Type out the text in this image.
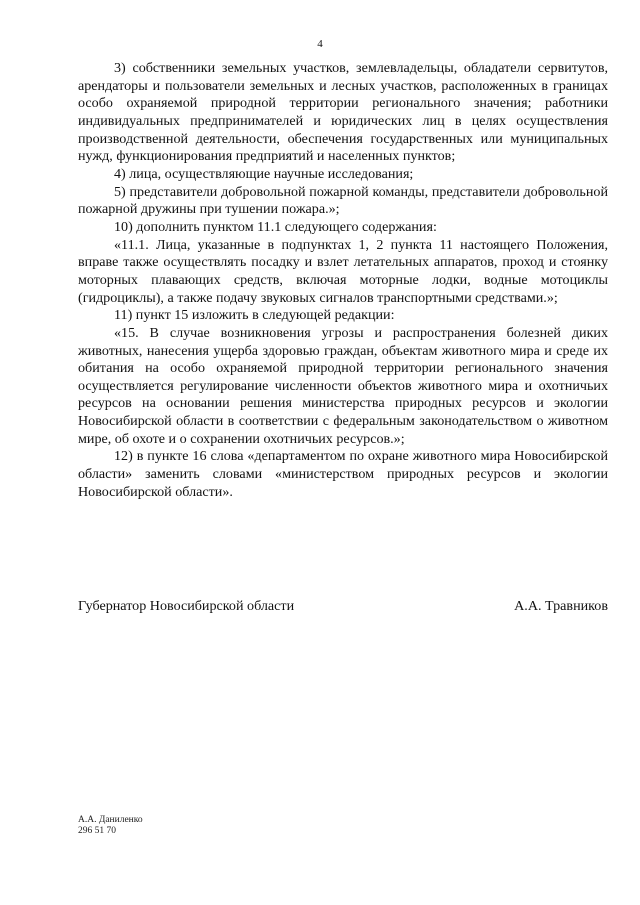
4

3) собственники земельных участков, землевладельцы, обладатели сервитутов, арендаторы и пользователи земельных и лесных участков, расположенных в границах особо охраняемой природной территории регионального значения; работники индивидуальных предпринимателей и юридических лиц в целях осуществления производственной деятельности, обеспечения государственных или муниципальных нужд, функционирования предприятий и населенных пунктов;

4) лица, осуществляющие научные исследования;

5) представители добровольной пожарной команды, представители добровольной пожарной дружины при тушении пожара.»;

10) дополнить пунктом 11.1 следующего содержания:

«11.1. Лица, указанные в подпунктах 1, 2 пункта 11 настоящего Положения, вправе также осуществлять посадку и взлет летательных аппаратов, проход и стоянку моторных плавающих средств, включая моторные лодки, водные мотоциклы (гидроциклы), а также подачу звуковых сигналов транспортными средствами.»;

11) пункт 15 изложить в следующей редакции:

«15. В случае возникновения угрозы и распространения болезней диких животных, нанесения ущерба здоровью граждан, объектам животного мира и среде их обитания на особо охраняемой природной территории регионального значения осуществляется регулирование численности объектов животного мира и охотничьих ресурсов на основании решения министерства природных ресурсов и экологии Новосибирской области в соответствии с федеральным законодательством о животном мире, об охоте и о сохранении охотничьих ресурсов.»;

12) в пункте 16 слова «департаментом по охране животного мира Новосибирской области» заменить словами «министерством природных ресурсов и экологии Новосибирской области».

Губернатор Новосибирской области	А.А. Травников
А.А. Даниленко
296 51 70
